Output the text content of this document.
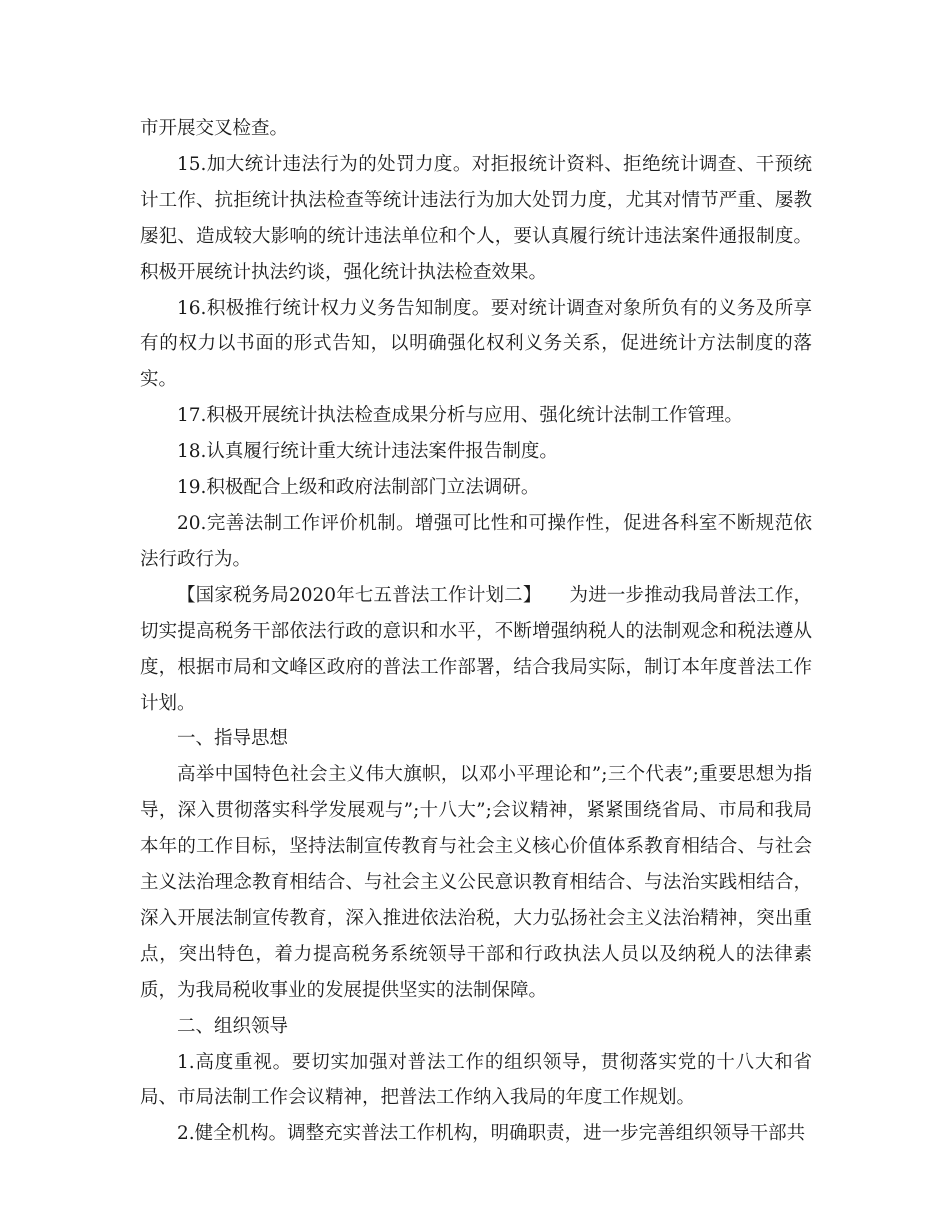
市开展交叉检查。

15.加大统计违法行为的处罚力度。对拒报统计资料、拒绝统计调查、干预统计工作、抗拒统计执法检查等统计违法行为加大处罚力度，尤其对情节严重、屡教屡犯、造成较大影响的统计违法单位和个人，要认真履行统计违法案件通报制度。积极开展统计执法约谈，强化统计执法检查效果。

16.积极推行统计权力义务告知制度。要对统计调查对象所负有的义务及所享有的权力以书面的形式告知，以明确强化权利义务关系，促进统计方法制度的落实。

17.积极开展统计执法检查成果分析与应用、强化统计法制工作管理。

18.认真履行统计重大统计违法案件报告制度。

19.积极配合上级和政府法制部门立法调研。

20.完善法制工作评价机制。增强可比性和可操作性，促进各科室不断规范依法行政行为。

【国家税务局2020年七五普法工作计划二】　　为进一步推动我局普法工作，切实提高税务干部依法行政的意识和水平，不断增强纳税人的法制观念和税法遵从度，根据市局和文峰区政府的普法工作部署，结合我局实际，制订本年度普法工作计划。

一、指导思想

高举中国特色社会主义伟大旗帜，以邓小平理论和”;三个代表”;重要思想为指导，深入贯彻落实科学发展观与”;十八大”;会议精神，紧紧围绕省局、市局和我局本年的工作目标，坚持法制宣传教育与社会主义核心价值体系教育相结合、与社会主义法治理念教育相结合、与社会主义公民意识教育相结合、与法治实践相结合，深入开展法制宣传教育，深入推进依法治税，大力弘扬社会主义法治精神，突出重点，突出特色，着力提高税务系统领导干部和行政执法人员以及纳税人的法律素质，为我局税收事业的发展提供坚实的法制保障。

二、组织领导

1.高度重视。要切实加强对普法工作的组织领导，贯彻落实党的十八大和省局、市局法制工作会议精神，把普法工作纳入我局的年度工作规划。

2.健全机构。调整充实普法工作机构，明确职责，进一步完善组织领导干部共
